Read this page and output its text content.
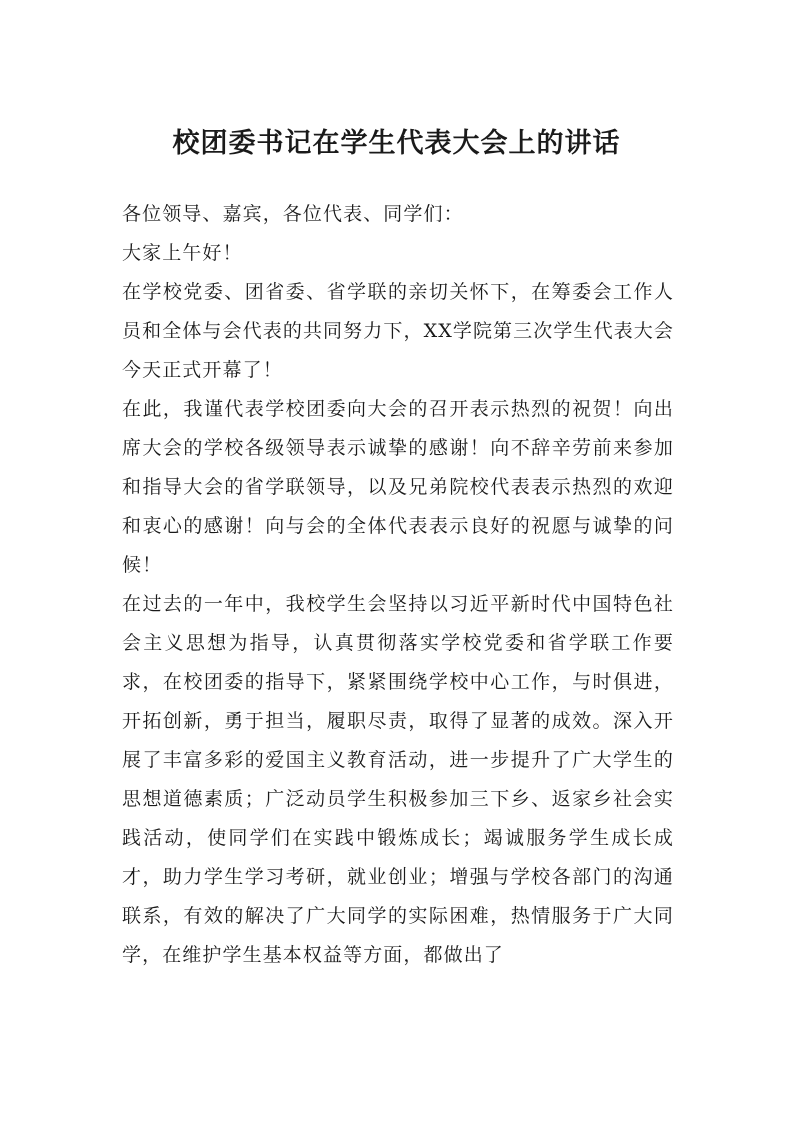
校团委书记在学生代表大会上的讲话

各位领导、嘉宾，各位代表、同学们：

大家上午好！

在学校党委、团省委、省学联的亲切关怀下，在筹委会工作人员和全体与会代表的共同努力下，XX学院第三次学生代表大会今天正式开幕了！

在此，我谨代表学校团委向大会的召开表示热烈的祝贺！向出席大会的学校各级领导表示诚挚的感谢！向不辞辛劳前来参加和指导大会的省学联领导，以及兄弟院校代表表示热烈的欢迎和衷心的感谢！向与会的全体代表表示良好的祝愿与诚挚的问候！

在过去的一年中，我校学生会坚持以习近平新时代中国特色社会主义思想为指导，认真贯彻落实学校党委和省学联工作要求，在校团委的指导下，紧紧围绕学校中心工作，与时俱进，开拓创新，勇于担当，履职尽责，取得了显著的成效。深入开展了丰富多彩的爱国主义教育活动，进一步提升了广大学生的思想道德素质；广泛动员学生积极参加三下乡、返家乡社会实践活动，使同学们在实践中锻炼成长；竭诚服务学生成长成才，助力学生学习考研，就业创业；增强与学校各部门的沟通联系，有效的解决了广大同学的实际困难，热情服务于广大同学，在维护学生基本权益等方面，都做出了
